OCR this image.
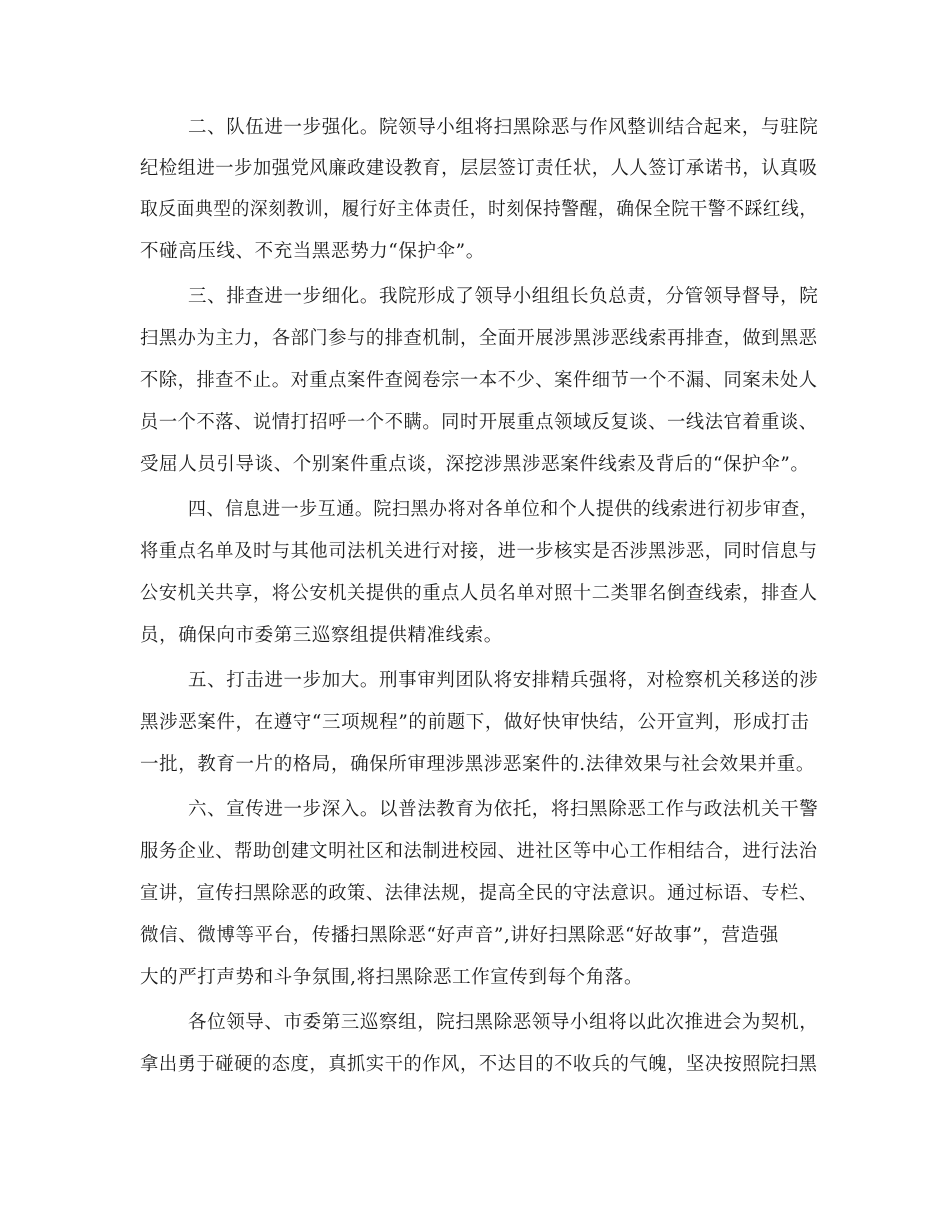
二、队伍进一步强化。院领导小组将扫黑除恶与作风整训结合起来，与驻院
纪检组进一步加强党风廉政建设教育，层层签订责任状，人人签订承诺书，认真吸
取反面典型的深刻教训，履行好主体责任，时刻保持警醒，确保全院干警不踩红线，
不碰高压线、不充当黑恶势力“保护伞”。
三、排查进一步细化。我院形成了领导小组组长负总责，分管领导督导，院
扫黑办为主力，各部门参与的排查机制，全面开展涉黑涉恶线索再排查，做到黑恶
不除，排查不止。对重点案件查阅卷宗一本不少、案件细节一个不漏、同案未处人
员一个不落、说情打招呼一个不瞒。同时开展重点领域反复谈、一线法官着重谈、
受屈人员引导谈、个别案件重点谈，深挖涉黑涉恶案件线索及背后的“保护伞”。
四、信息进一步互通。院扫黑办将对各单位和个人提供的线索进行初步审查，
将重点名单及时与其他司法机关进行对接，进一步核实是否涉黑涉恶，同时信息与
公安机关共享，将公安机关提供的重点人员名单对照十二类罪名倒查线索，排查人
员，确保向市委第三巡察组提供精准线索。
五、打击进一步加大。刑事审判团队将安排精兵强将，对检察机关移送的涉
黑涉恶案件，在遵守“三项规程”的前题下，做好快审快结，公开宣判，形成打击
一批，教育一片的格局，确保所审理涉黑涉恶案件的.法律效果与社会效果并重。
六、宣传进一步深入。以普法教育为依托，将扫黑除恶工作与政法机关干警
服务企业、帮助创建文明社区和法制进校园、进社区等中心工作相结合，进行法治
宣讲，宣传扫黑除恶的政策、法律法规，提高全民的守法意识。通过标语、专栏、
微信、微博等平台，传播扫黑除恶“好声音”,讲好扫黑除恶“好故事”，营造强
大的严打声势和斗争氛围,将扫黑除恶工作宣传到每个角落。
各位领导、市委第三巡察组，院扫黑除恶领导小组将以此次推进会为契机，
拿出勇于碰硬的态度，真抓实干的作风，不达目的不收兵的气魄，坚决按照院扫黑
